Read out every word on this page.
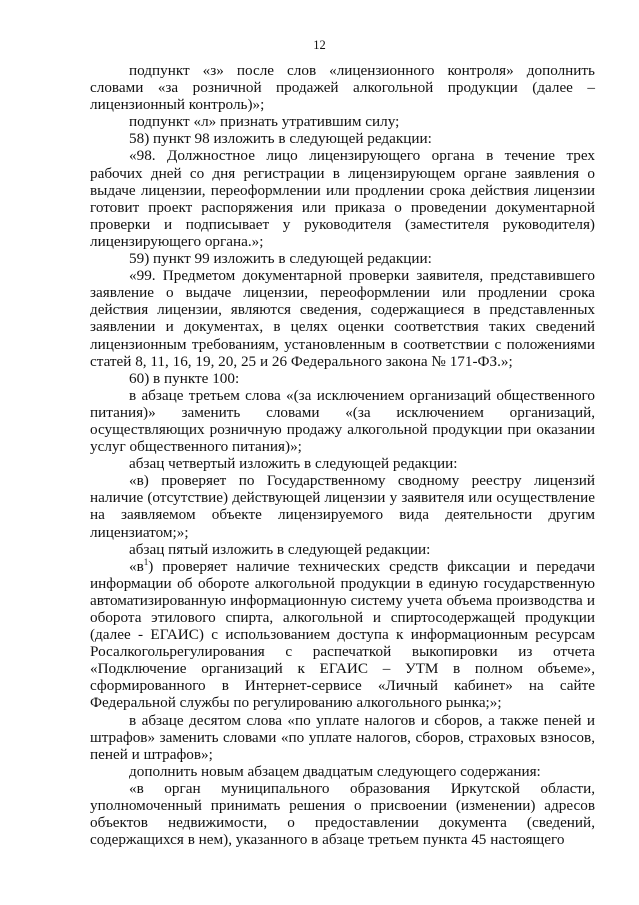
12

подпункт «з» после слов «лицензионного контроля» дополнить словами «за розничной продажей алкогольной продукции (далее – лицензионный контроль)»;

подпункт «л» признать утратившим силу;

58) пункт 98 изложить в следующей редакции:

«98. Должностное лицо лицензирующего органа в течение трех рабочих дней со дня регистрации в лицензирующем органе заявления о выдаче лицензии, переоформлении или продлении срока действия лицензии готовит проект распоряжения или приказа о проведении документарной проверки и подписывает у руководителя (заместителя руководителя) лицензирующего органа.»;

59) пункт 99 изложить в следующей редакции:

«99. Предметом документарной проверки заявителя, представившего заявление о выдаче лицензии, переоформлении или продлении срока действия лицензии, являются сведения, содержащиеся в представленных заявлении и документах, в целях оценки соответствия таких сведений лицензионным требованиям, установленным в соответствии с положениями статей 8, 11, 16, 19, 20, 25 и 26 Федерального закона № 171-ФЗ.»;

60) в пункте 100:

в абзаце третьем слова «(за исключением организаций общественного питания)» заменить словами «(за исключением организаций, осуществляющих розничную продажу алкогольной продукции при оказании услуг общественного питания)»;

абзац четвертый изложить в следующей редакции:

«в) проверяет по Государственному сводному реестру лицензий наличие (отсутствие) действующей лицензии у заявителя или осуществление на заявляемом объекте лицензируемого вида деятельности другим лицензиатом;»;

абзац пятый изложить в следующей редакции:

«$в^1$) проверяет наличие технических средств фиксации и передачи информации об обороте алкогольной продукции в единую государственную автоматизированную информационную систему учета объема производства и оборота этилового спирта, алкогольной и спиртосодержащей продукции (далее - ЕГАИС) с использованием доступа к информационным ресурсам Росалкогольрегулирования с распечаткой выкопировки из отчета «Подключение организаций к ЕГАИС – УТМ в полном объеме», сформированного в Интернет-сервисе «Личный кабинет» на сайте Федеральной службы по регулированию алкогольного рынка;»;

в абзаце десятом слова «по уплате налогов и сборов, а также пеней и штрафов» заменить словами «по уплате налогов, сборов, страховых взносов, пеней и штрафов»;

дополнить новым абзацем двадцатым следующего содержания:

«в орган муниципального образования Иркутской области, уполномоченный принимать решения о присвоении (изменении) адресов объектов недвижимости, о предоставлении документа (сведений, содержащихся в нем), указанного в абзаце третьем пункта 45 настоящего
